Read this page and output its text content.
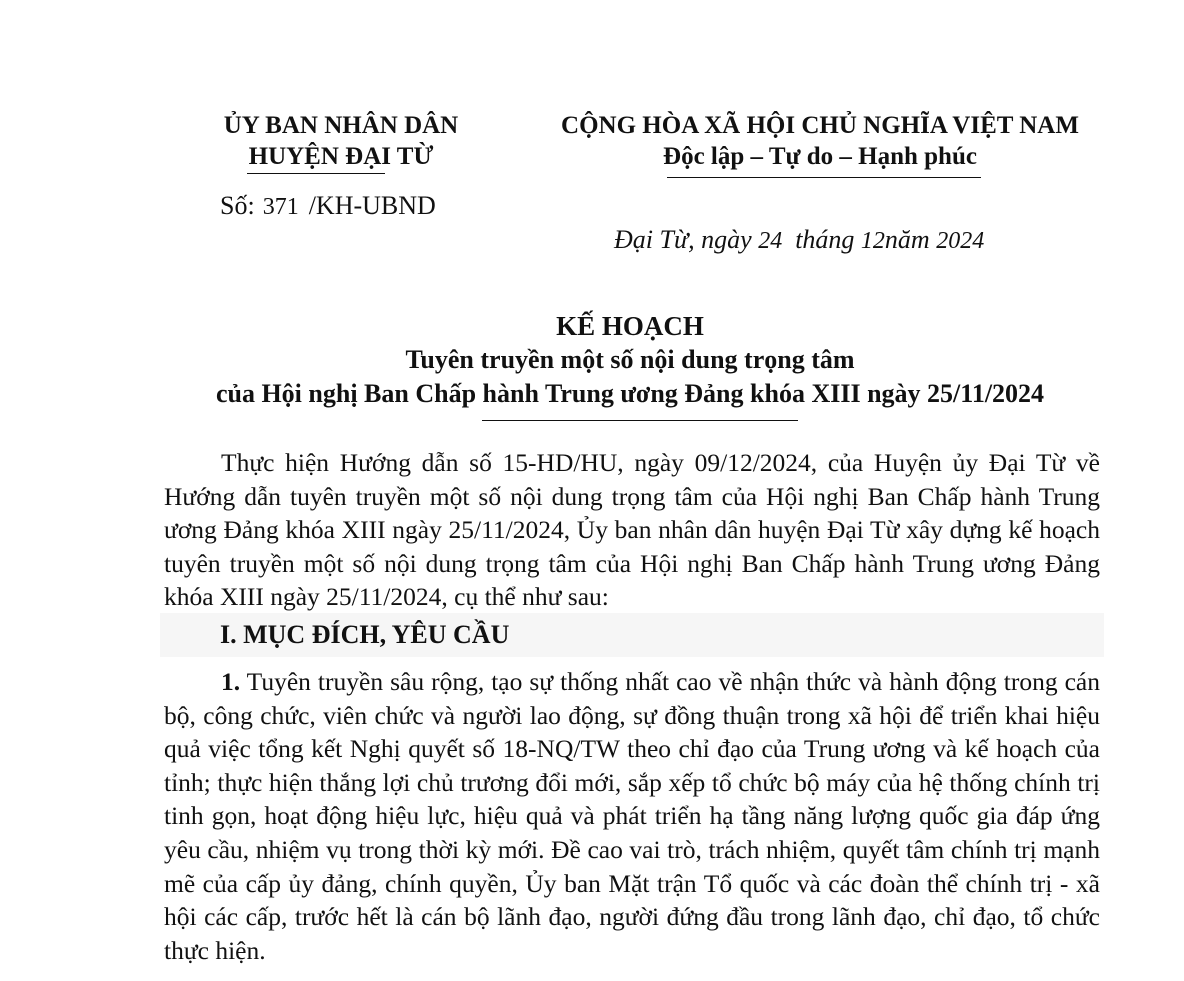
ỦY BAN NHÂN DÂN
HUYỆN ĐẠI TỪ
CỘNG HÒA XÃ HỘI CHỦ NGHĨA VIỆT NAM
Độc lập – Tự do – Hạnh phúc
Số: 371 /KH-UBND
Đại Từ, ngày 24 tháng 12năm 2024
KẾ HOẠCH
Tuyên truyền một số nội dung trọng tâm
của Hội nghị Ban Chấp hành Trung ương Đảng khóa XIII ngày 25/11/2024
Thực hiện Hướng dẫn số 15-HD/HU, ngày 09/12/2024, của Huyện ủy Đại Từ về Hướng dẫn tuyên truyền một số nội dung trọng tâm của Hội nghị Ban Chấp hành Trung ương Đảng khóa XIII ngày 25/11/2024, Ủy ban nhân dân huyện Đại Từ xây dựng kế hoạch tuyên truyền một số nội dung trọng tâm của Hội nghị Ban Chấp hành Trung ương Đảng khóa XIII ngày 25/11/2024, cụ thể như sau:
I. MỤC ĐÍCH, YÊU CẦU
1. Tuyên truyền sâu rộng, tạo sự thống nhất cao về nhận thức và hành động trong cán bộ, công chức, viên chức và người lao động, sự đồng thuận trong xã hội để triển khai hiệu quả việc tổng kết Nghị quyết số 18-NQ/TW theo chỉ đạo của Trung ương và kế hoạch của tỉnh; thực hiện thắng lợi chủ trương đổi mới, sắp xếp tổ chức bộ máy của hệ thống chính trị tinh gọn, hoạt động hiệu lực, hiệu quả và phát triển hạ tầng năng lượng quốc gia đáp ứng yêu cầu, nhiệm vụ trong thời kỳ mới. Đề cao vai trò, trách nhiệm, quyết tâm chính trị mạnh mẽ của cấp ủy đảng, chính quyền, Ủy ban Mặt trận Tổ quốc và các đoàn thể chính trị - xã hội các cấp, trước hết là cán bộ lãnh đạo, người đứng đầu trong lãnh đạo, chỉ đạo, tổ chức thực hiện.
